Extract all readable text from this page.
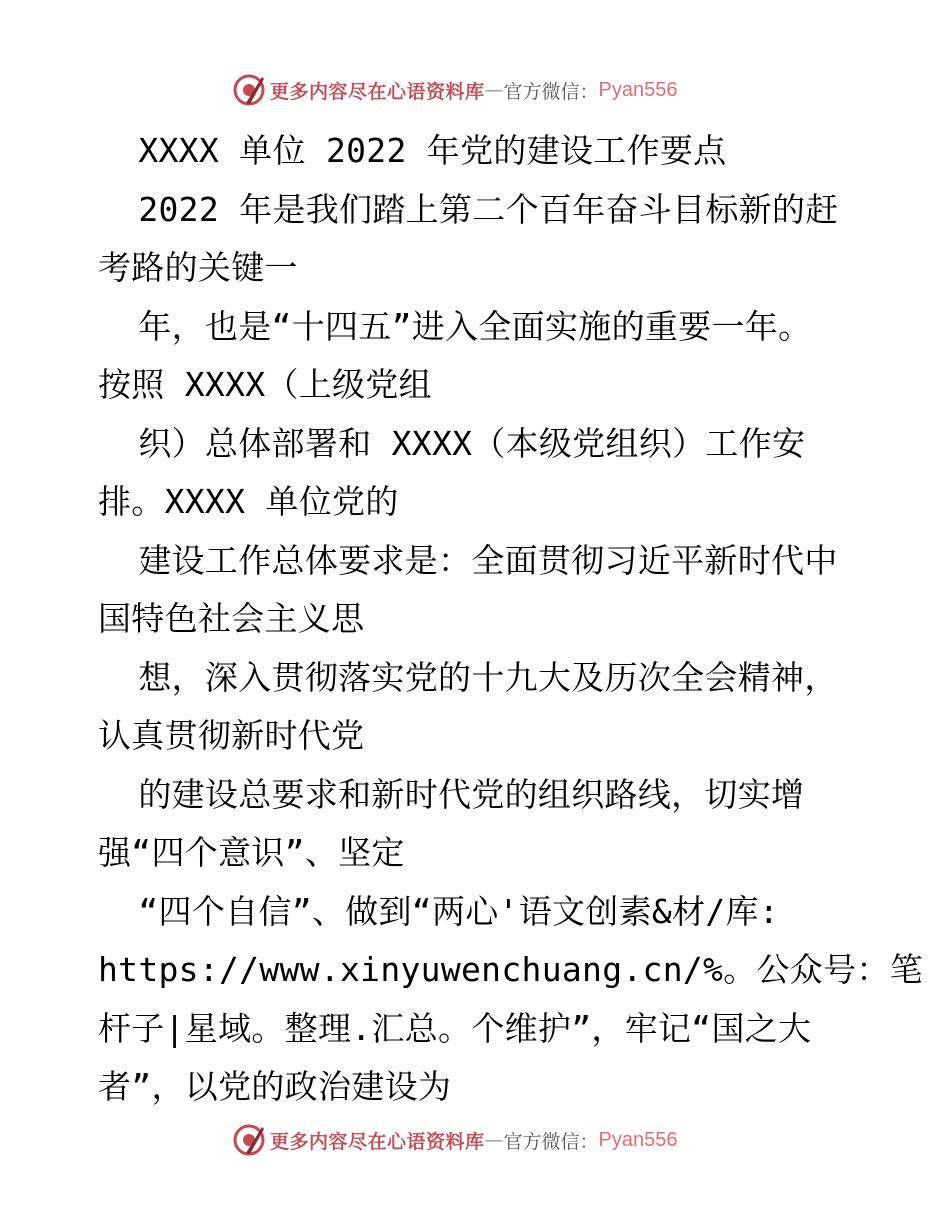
更多内容尽在心语资料库 — 官方微信： Pyan556
XXXX 单位 2022 年党的建设工作要点
2022 年是我们踏上第二个百年奋斗目标新的赶
考路的关键一
年，也是“十四五”进入全面实施的重要一年。
按照 XXXX（上级党组
织）总体部署和 XXXX（本级党组织）工作安
排。XXXX 单位党的
建设工作总体要求是：全面贯彻习近平新时代中
国特色社会主义思
想，深入贯彻落实党的十九大及历次全会精神，
认真贯彻新时代党
的建设总要求和新时代党的组织路线，切实增
强“四个意识”、坚定
“四个自信”、做到“两心'语文创素&材/库:
https://www.xinyuwenchuang.cn/%。公众号：笔
杆子|星域。整理.汇总。个维护”，牢记“国之大
者”，以党的政治建设为
更多内容尽在心语资料库 — 官方微信： Pyan556
